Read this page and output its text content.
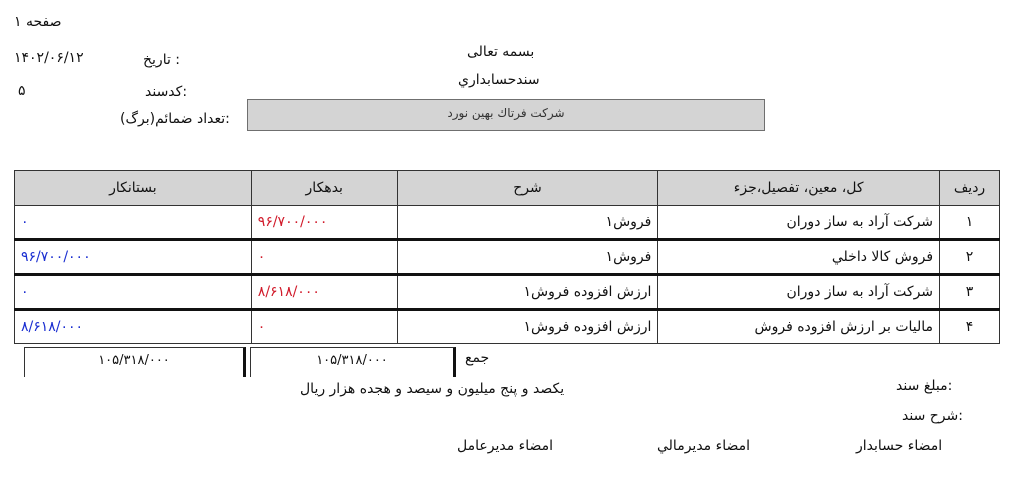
صفحه ۱
۱۴۰۲/۰۶/۱۲	تاريخ :
۵	كدسند:
تعداد ضمائم(برگ):
بسمه تعالى
سندحسابداري
شركت فرتاك بهين نورد
رديف	كل، معين، تفصيل،جزء	شرح	بدهكار	بستانكار
۱	شركت آراد به ساز دوران	فروش۱	۹۶/۷۰۰/۰۰۰	۰
۲	فروش كالا داخلي	فروش۱	۰	۹۶/۷۰۰/۰۰۰
۳	شركت آراد به ساز دوران	ارزش افزوده فروش۱	۸/۶۱۸/۰۰۰	۰
۴	ماليات بر ارزش افزوده فروش	ارزش افزوده فروش۱	۰	۸/۶۱۸/۰۰۰
۱۰۵/۳۱۸/۰۰۰	۱۰۵/۳۱۸/۰۰۰	جمع
مبلغ سند:
يكصد و پنج ميليون و سيصد و هجده هزار ريال
شرح سند:
امضاء حسابدار
امضاء مديرمالي
امضاء مديرعامل
